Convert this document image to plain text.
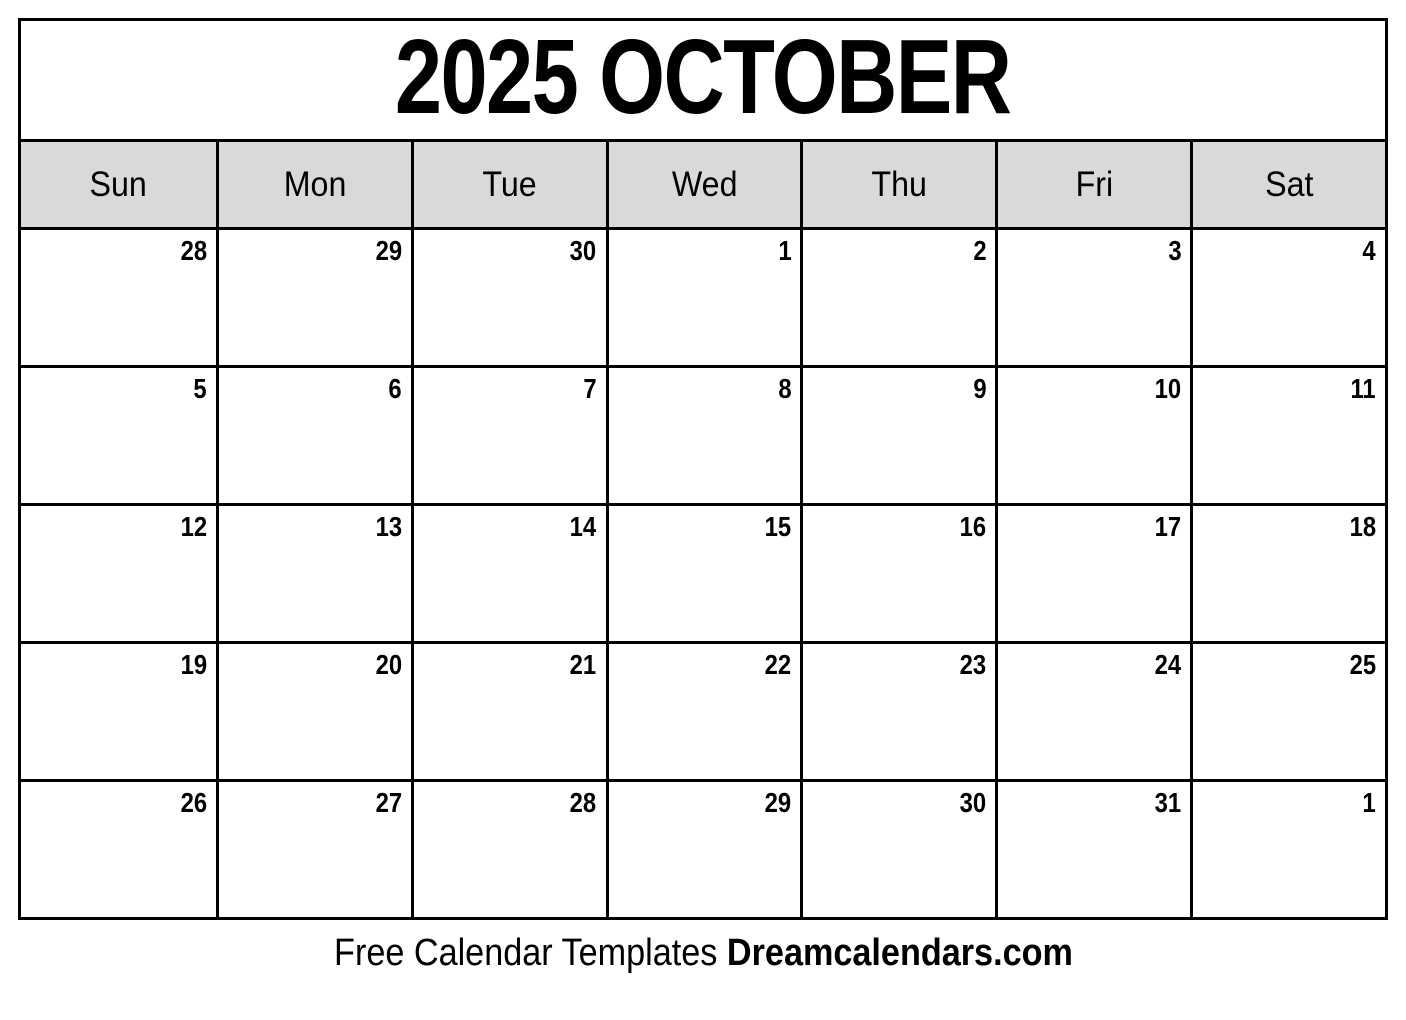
2025 OCTOBER
Sun	Mon	Tue	Wed	Thu	Fri	Sat
28	29	30	1	2	3	4
5	6	7	8	9	10	11
12	13	14	15	16	17	18
19	20	21	22	23	24	25
26	27	28	29	30	31	1
Free Calendar Templates Dreamcalendars.com
